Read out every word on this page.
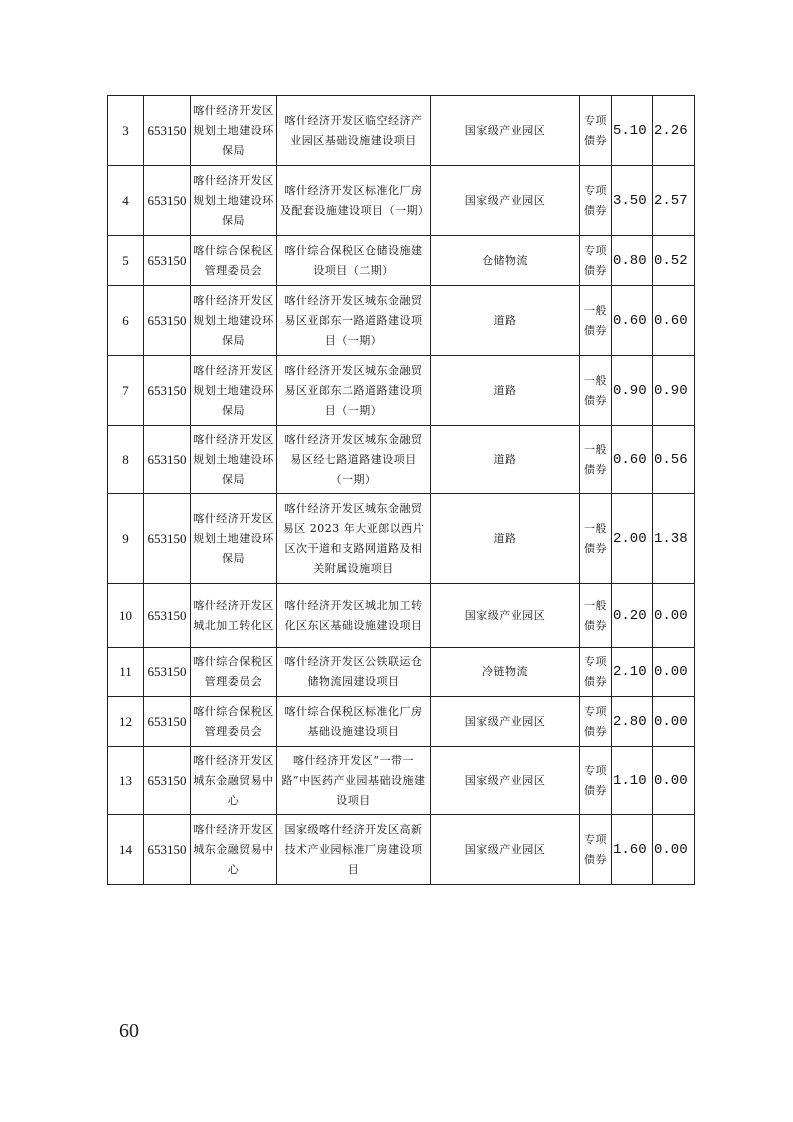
3	653150	喀什经济开发区规划土地建设环保局	喀什经济开发区临空经济产业园区基础设施建设项目	国家级产业园区	专项债券	5.10	2.26
4	653150	喀什经济开发区规划土地建设环保局	喀什经济开发区标准化厂房及配套设施建设项目（一期）	国家级产业园区	专项债券	3.50	2.57
5	653150	喀什综合保税区管理委员会	喀什综合保税区仓储设施建设项目（二期）	仓储物流	专项债券	0.80	0.52
6	653150	喀什经济开发区规划土地建设环保局	喀什经济开发区城东金融贸易区亚郎东一路道路建设项目（一期）	道路	一般债券	0.60	0.60
7	653150	喀什经济开发区规划土地建设环保局	喀什经济开发区城东金融贸易区亚郎东二路道路建设项目（一期）	道路	一般债券	0.90	0.90
8	653150	喀什经济开发区规划土地建设环保局	喀什经济开发区城东金融贸易区经七路道路建设项目（一期）	道路	一般债券	0.60	0.56
9	653150	喀什经济开发区规划土地建设环保局	喀什经济开发区城东金融贸易区 2023 年大亚郎以西片区次干道和支路网道路及相关附属设施项目	道路	一般债券	2.00	1.38
10	653150	喀什经济开发区城北加工转化区	喀什经济开发区城北加工转化区东区基础设施建设项目	国家级产业园区	一般债券	0.20	0.00
11	653150	喀什综合保税区管理委员会	喀什经济开发区公铁联运仓储物流园建设项目	冷链物流	专项债券	2.10	0.00
12	653150	喀什综合保税区管理委员会	喀什综合保税区标准化厂房基础设施建设项目	国家级产业园区	专项债券	2.80	0.00
13	653150	喀什经济开发区城东金融贸易中心	喀什经济开发区“一带一路”中医药产业园基础设施建设项目	国家级产业园区	专项债券	1.10	0.00
14	653150	喀什经济开发区城东金融贸易中心	国家级喀什经济开发区高新技术产业园标准厂房建设项目	国家级产业园区	专项债券	1.60	0.00
60
